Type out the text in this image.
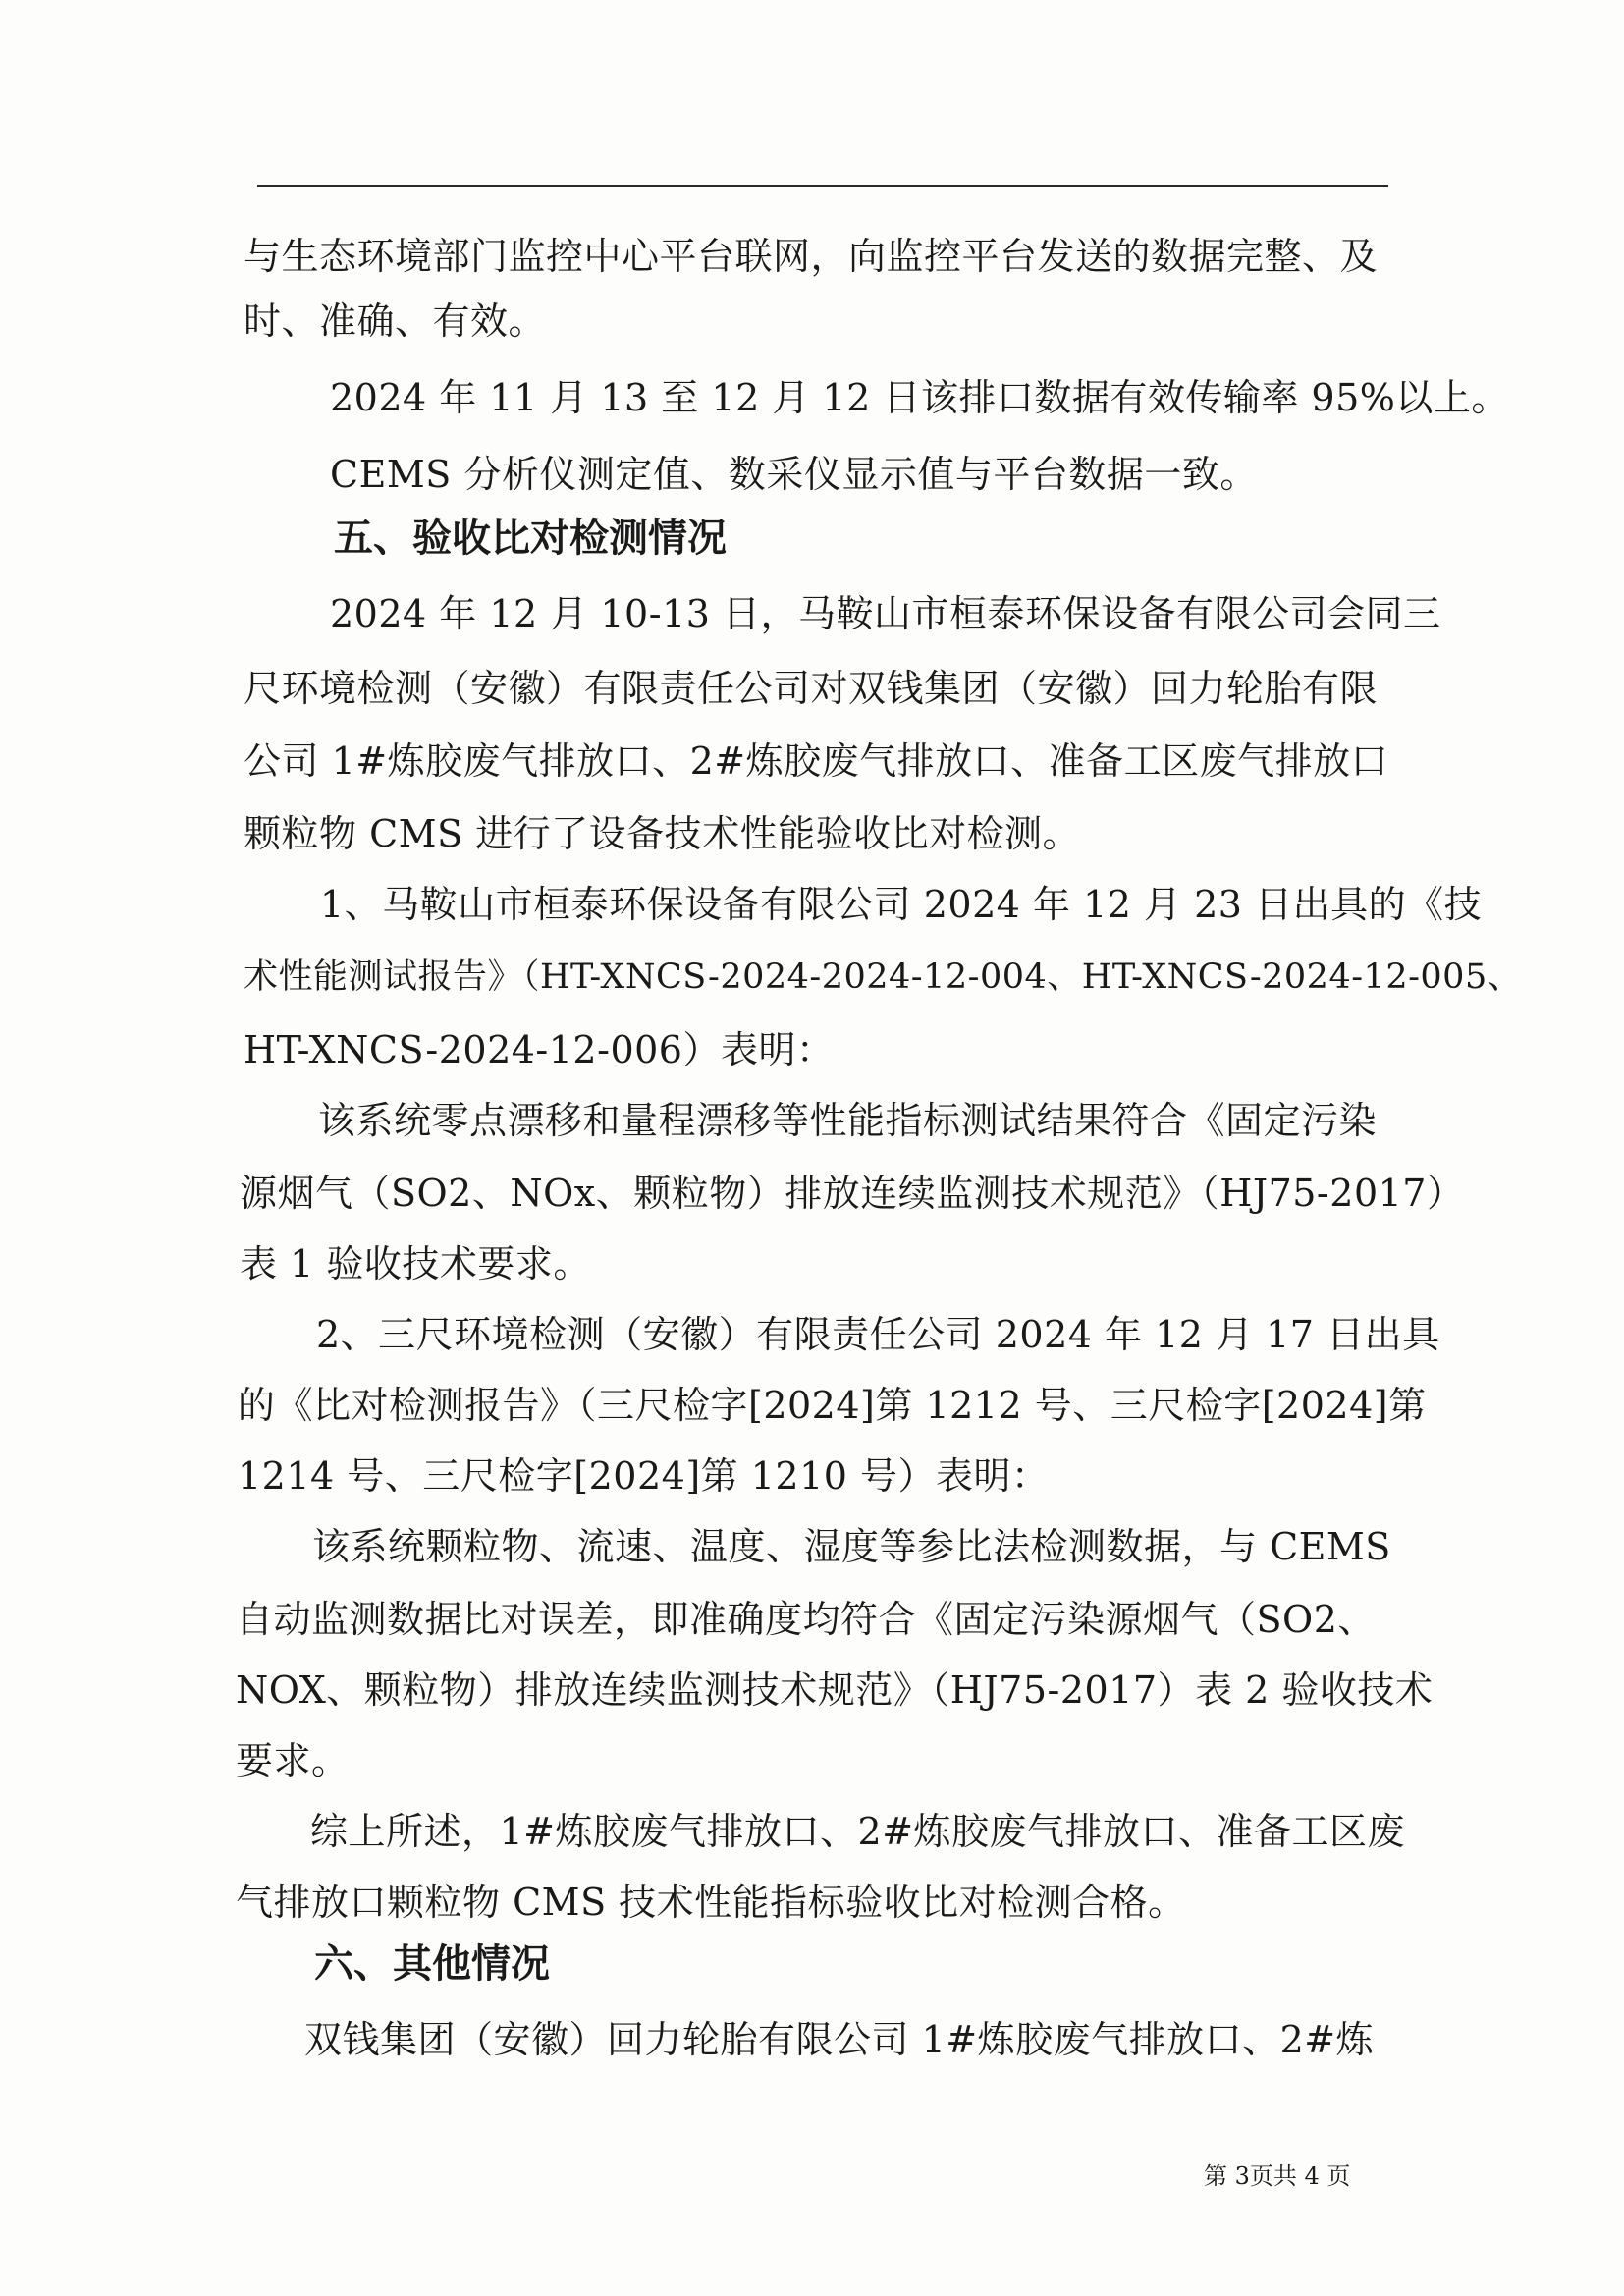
与生态环境部门监控中心平台联网，向监控平台发送的数据完整、及
时、准确、有效。
2024 年 11 月 13 至 12 月 12 日该排口数据有效传输率 95%以上。
CEMS 分析仪测定值、数采仪显示值与平台数据一致。
五、验收比对检测情况
2024 年 12 月 10-13 日，马鞍山市桓泰环保设备有限公司会同三
尺环境检测（安徽）有限责任公司对双钱集团（安徽）回力轮胎有限
公司 1#炼胶废气排放口、2#炼胶废气排放口、准备工区废气排放口
颗粒物 CMS 进行了设备技术性能验收比对检测。
1、马鞍山市桓泰环保设备有限公司 2024 年 12 月 23 日出具的《技
术性能测试报告》（HT-XNCS-2024-2024-12-004、HT-XNCS-2024-12-005、
HT-XNCS-2024-12-006）表明：
该系统零点漂移和量程漂移等性能指标测试结果符合《固定污染
源烟气（SO2、NOx、颗粒物）排放连续监测技术规范》（HJ75-2017）
表 1 验收技术要求。
2、三尺环境检测（安徽）有限责任公司 2024 年 12 月 17 日出具
的《比对检测报告》（三尺检字[2024]第 1212 号、三尺检字[2024]第
1214 号、三尺检字[2024]第 1210 号）表明：
该系统颗粒物、流速、温度、湿度等参比法检测数据，与 CEMS
自动监测数据比对误差，即准确度均符合《固定污染源烟气（SO2、
NOX、颗粒物）排放连续监测技术规范》（HJ75-2017）表 2 验收技术
要求。
综上所述，1#炼胶废气排放口、2#炼胶废气排放口、准备工区废
气排放口颗粒物 CMS 技术性能指标验收比对检测合格。
六、其他情况
双钱集团（安徽）回力轮胎有限公司 1#炼胶废气排放口、2#炼
第 3页共 4 页
